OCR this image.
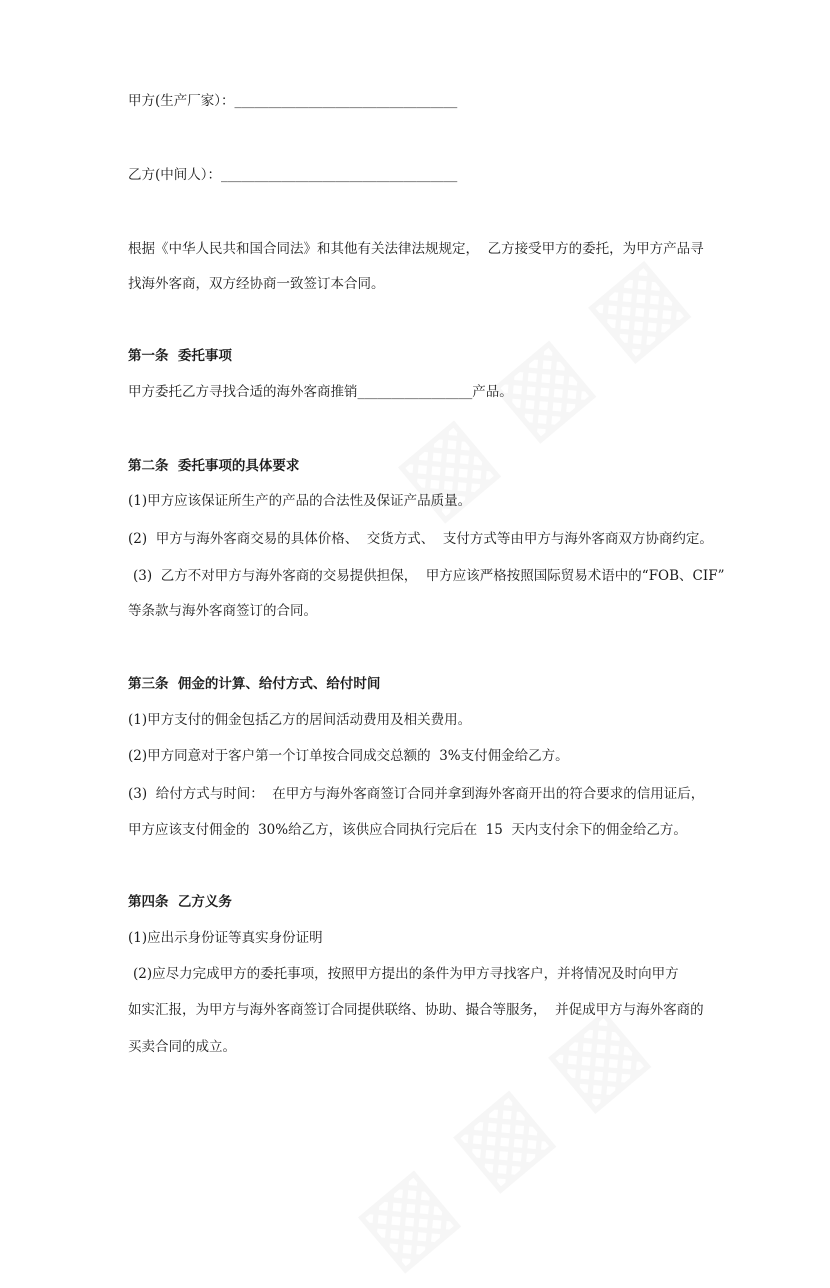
甲方(生产厂家）：_________________________________
乙方(中间人）：___________________________________
根据《中华人民共和国合同法》和其他有关法律法规规定，  乙方接受甲方的委托，为甲方产品寻
找海外客商，双方经协商一致签订本合同。
第一条  委托事项
甲方委托乙方寻找合适的海外客商推销_________________产品。
第二条  委托事项的具体要求
(1)甲方应该保证所生产的产品的合法性及保证产品质量。
(2)  甲方与海外客商交易的具体价格、  交货方式、  支付方式等由甲方与海外客商双方协商约定。
(3)  乙方不对甲方与海外客商的交易提供担保，  甲方应该严格按照国际贸易术语中的“FOB、CIF”
等条款与海外客商签订的合同。
第三条  佣金的计算、给付方式、给付时间
(1)甲方支付的佣金包括乙方的居间活动费用及相关费用。
(2)甲方同意对于客户第一个订单按合同成交总额的  3%支付佣金给乙方。
(3)  给付方式与时间：  在甲方与海外客商签订合同并拿到海外客商开出的符合要求的信用证后，
甲方应该支付佣金的  30%给乙方，该供应合同执行完后在  15  天内支付余下的佣金给乙方。
第四条  乙方义务
(1)应出示身份证等真实身份证明
(2)应尽力完成甲方的委托事项，按照甲方提出的条件为甲方寻找客户，并将情况及时向甲方
如实汇报，为甲方与海外客商签订合同提供联络、协助、撮合等服务，  并促成甲方与海外客商的
买卖合同的成立。
